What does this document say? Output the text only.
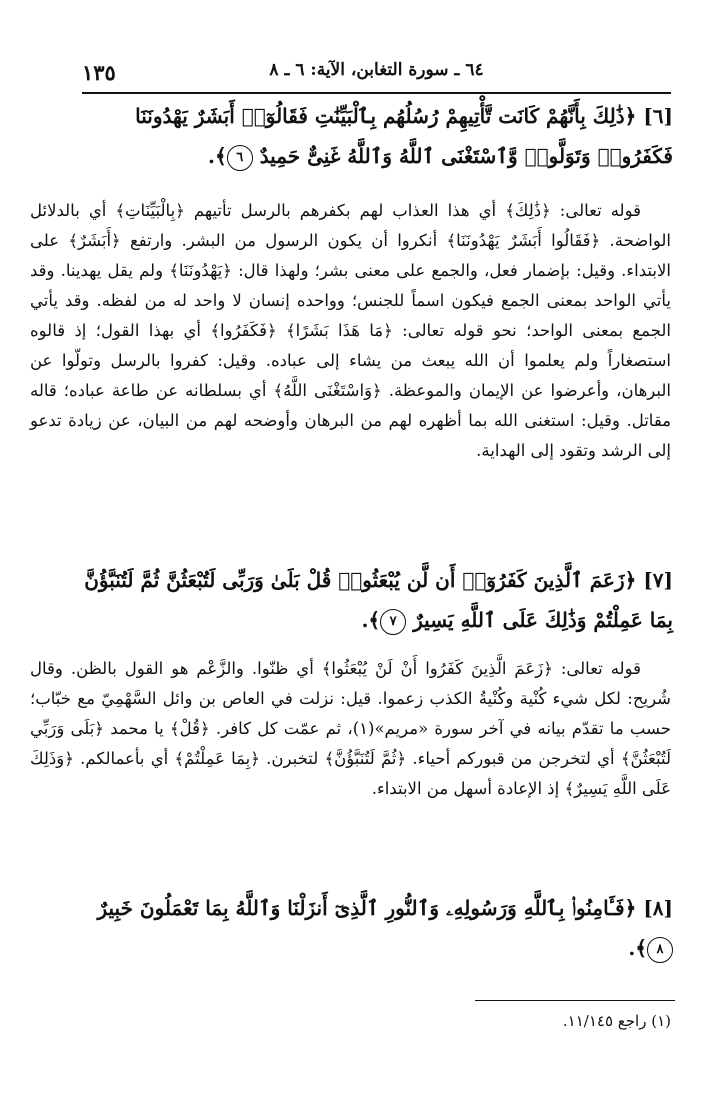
١٣٥	٦٤ ـ سورة التغابن، الآية: ٦ ـ ٨
[٦] ﴿ذَٰلِكَ بِأَنَّهُمْ كَانَت تَّأْتِيهِمْ رُسُلُهُم بِٱلْبَيِّنَٰتِ فَقَالُوٓا۟ أَبَشَرٌ يَهْدُونَنَا فَكَفَرُوا۟ وَتَوَلَّوا۟ وَّٱسْتَغْنَى ٱللَّهُ وَٱللَّهُ غَنِىٌّ حَمِيدٌ ٦﴾.
قوله تعالى: ﴿ذَٰلِكَ﴾ أي هذا العذاب لهم بكفرهم بالرسل تأتيهم ﴿بِالْبَيِّنَاتِ﴾ أي بالدلائل الواضحة. ﴿فَقَالُوا أَبَشَرٌ يَهْدُونَنَا﴾ أنكروا أن يكون الرسول من البشر. وارتفع ﴿أَبَشَرٌ﴾ على الابتداء. وقيل: بإضمار فعل، والجمع على معنى بشر؛ ولهذا قال: ﴿يَهْدُونَنَا﴾ ولم يقل يهدينا. وقد يأتي الواحد بمعنى الجمع فيكون اسماً للجنس؛ وواحده إنسان لا واحد له من لفظه. وقد يأتي الجمع بمعنى الواحد؛ نحو قوله تعالى: ﴿مَا هَذَا بَشَرًا﴾ ﴿فَكَفَرُوا﴾ أي بهذا القول؛ إذ قالوه استصغاراً ولم يعلموا أن الله يبعث من يشاء إلى عباده. وقيل: كفروا بالرسل وتولّوا عن البرهان، وأعرضوا عن الإيمان والموعظة. ﴿وَاسْتَغْنَى اللَّهُ﴾ أي بسلطانه عن طاعة عباده؛ قاله مقاتل. وقيل: استغنى الله بما أظهره لهم من البرهان وأوضحه لهم من البيان، عن زيادة تدعو إلى الرشد وتقود إلى الهداية.
[٧] ﴿زَعَمَ ٱلَّذِينَ كَفَرُوٓا۟ أَن لَّن يُبْعَثُوا۟ قُلْ بَلَىٰ وَرَبِّى لَتُبْعَثُنَّ ثُمَّ لَتُنَبَّؤُنَّ بِمَا عَمِلْتُمْ وَذَٰلِكَ عَلَى ٱللَّهِ يَسِيرٌ ٧﴾.
قوله تعالى: ﴿زَعَمَ الَّذِينَ كَفَرُوا أَنْ لَنْ يُبْعَثُوا﴾ أي ظنّوا. والزَّعْم هو القول بالظن. وقال شُريح: لكل شيء كُنْية وكُنْيةُ الكذب زعموا. قيل: نزلت في العاص بن وائل السَّهْمِيّ مع خبّاب؛ حسب ما تقدّم بيانه في آخر سورة «مريم»(١)، ثم عمّت كل كافر. ﴿قُلْ﴾ يا محمد ﴿بَلَى وَرَبِّي لَتُبْعَثُنَّ﴾ أي لتخرجن من قبوركم أحياء. ﴿ثُمَّ لَتُنَبَّؤُنَّ﴾ لتخبرن. ﴿بِمَا عَمِلْتُمْ﴾ أي بأعمالكم. ﴿وَذَلِكَ عَلَى اللَّهِ يَسِيرٌ﴾ إذ الإعادة أسهل من الابتداء.
[٨] ﴿فَـَٔامِنُوا۟ بِٱللَّهِ وَرَسُولِهِۦ وَٱلنُّورِ ٱلَّذِىٓ أَنزَلْنَا وَٱللَّهُ بِمَا تَعْمَلُونَ خَبِيرٌ ٨﴾.
(١) راجع ١١/١٤٥.
